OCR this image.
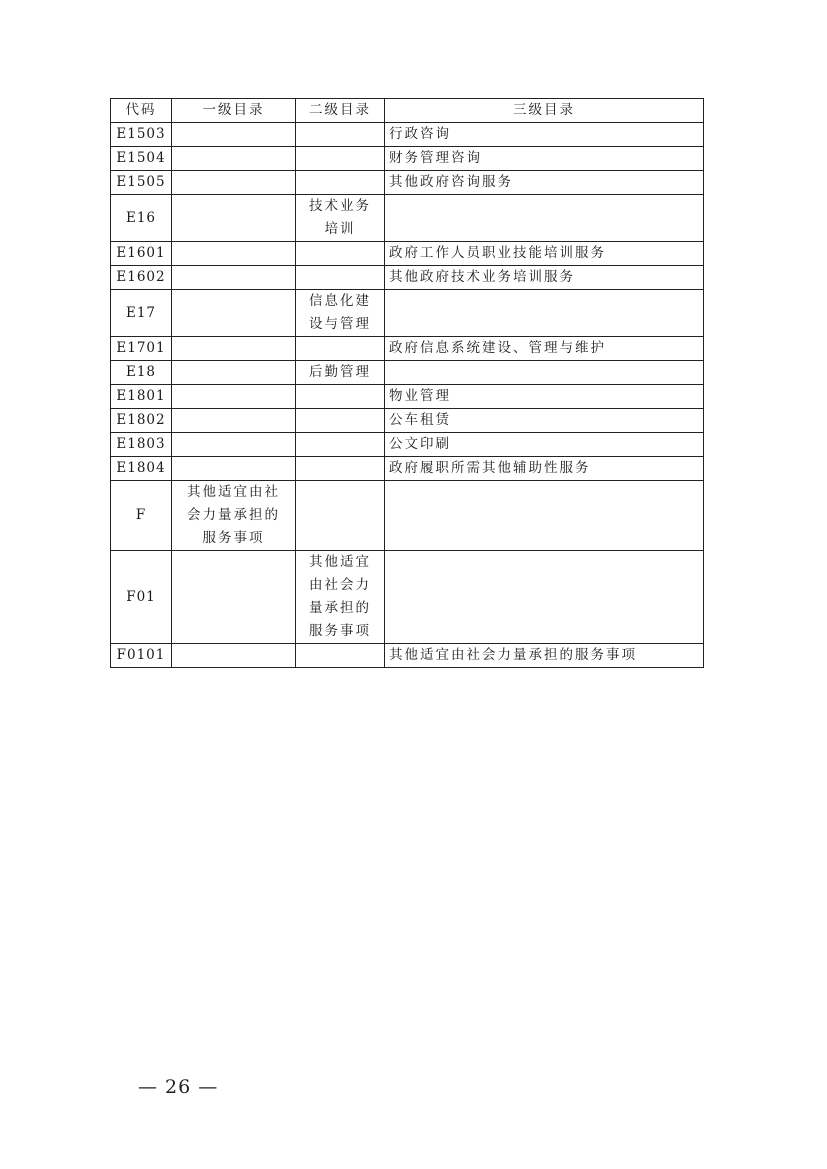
代码	一级目录	二级目录	三级目录
E1503			行政咨询
E1504			财务管理咨询
E1505			其他政府咨询服务
E16		技术业务
培训	
E1601			政府工作人员职业技能培训服务
E1602			其他政府技术业务培训服务
E17		信息化建
设与管理	
E1701			政府信息系统建设、管理与维护
E18		后勤管理	
E1801			物业管理
E1802			公车租赁
E1803			公文印刷
E1804			政府履职所需其他辅助性服务
F	其他适宜由社
会力量承担的
服务事项		
F01		其他适宜
由社会力
量承担的
服务事项	
F0101			其他适宜由社会力量承担的服务事项
— 26 —
